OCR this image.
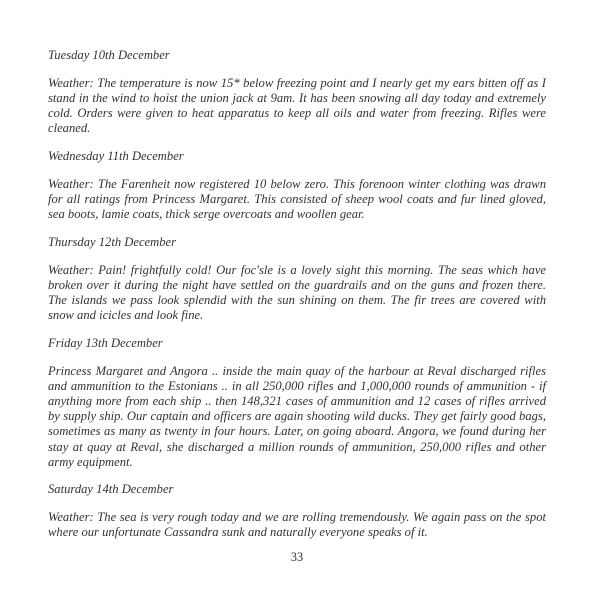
Tuesday 10th December
Weather: The temperature is now 15* below freezing point and I nearly get my ears bitten off as I stand in the wind to hoist the union jack at 9am. It has been snowing all day today and extremely cold. Orders were given to heat apparatus to keep all oils and water from freezing. Rifles were cleaned.
Wednesday 11th December
Weather: The Farenheit now registered 10 below zero. This forenoon winter clothing was drawn for all ratings from Princess Margaret. This consisted of sheep wool coats and fur lined gloved, sea boots, lamie coats, thick serge overcoats and woollen gear.
Thursday 12th December
Weather: Pain! frightfully cold! Our foc'sle is a lovely sight this morning. The seas which have broken over it during the night have settled on the guardrails and on the guns and frozen there. The islands we pass look splendid with the sun shining on them. The fir trees are covered with snow and icicles and look fine.
Friday 13th December
Princess Margaret and Angora .. inside the main quay of the harbour at Reval discharged rifles and ammunition to the Estonians .. in all 250,000 rifles and 1,000,000 rounds of ammunition - if anything more from each ship .. then 148,321 cases of ammunition and 12 cases of rifles arrived by supply ship. Our captain and officers are again shooting wild ducks. They get fairly good bags, sometimes as many as twenty in four hours. Later, on going aboard. Angora, we found during her stay at quay at Reval, she discharged a million rounds of ammunition, 250,000 rifles and other army equipment.
Saturday 14th December
Weather: The sea is very rough today and we are rolling tremendously. We again pass on the spot where our unfortunate Cassandra sunk and naturally everyone speaks of it.
33
